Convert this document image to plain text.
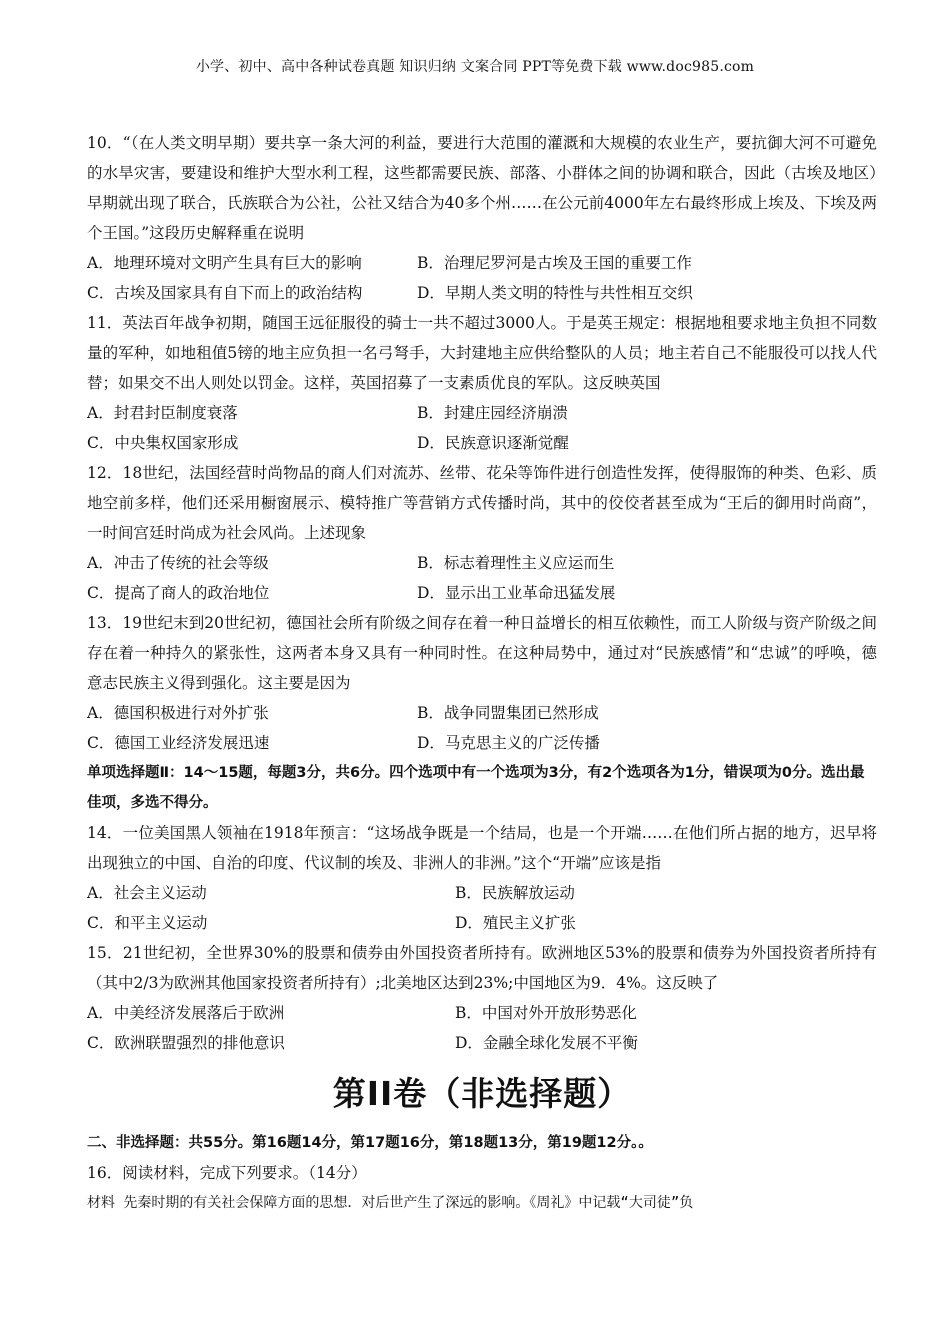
小学、初中、高中各种试卷真题 知识归纳 文案合同 PPT等免费下载 www.doc985.com

10．“（在人类文明早期）要共享一条大河的利益，要进行大范围的灌溉和大规模的农业生产，要抗御大河不可避免的水旱灾害，要建设和维护大型水利工程，这些都需要民族、部落、小群体之间的协调和联合，因此（古埃及地区）早期就出现了联合，氏族联合为公社，公社又结合为40多个州……在公元前4000年左右最终形成上埃及、下埃及两个王国。”这段历史解释重在说明

A．地理环境对文明产生具有巨大的影响	B．治理尼罗河是古埃及王国的重要工作
C．古埃及国家具有自下而上的政治结构	D．早期人类文明的特性与共性相互交织

11．英法百年战争初期，随国王远征服役的骑士一共不超过3000人。于是英王规定：根据地租要求地主负担不同数量的军种，如地租值5镑的地主应负担一名弓弩手，大封建地主应供给整队的人员；地主若自己不能服役可以找人代替；如果交不出人则处以罚金。这样，英国招募了一支素质优良的军队。这反映英国

A．封君封臣制度衰落	B．封建庄园经济崩溃
C．中央集权国家形成	D．民族意识逐渐觉醒

12．18世纪，法国经营时尚物品的商人们对流苏、丝带、花朵等饰件进行创造性发挥，使得服饰的种类、色彩、质地空前多样，他们还采用橱窗展示、模特推广等营销方式传播时尚，其中的佼佼者甚至成为“王后的御用时尚商”，一时间宫廷时尚成为社会风尚。上述现象

A．冲击了传统的社会等级	B．标志着理性主义应运而生
C．提高了商人的政治地位	D．显示出工业革命迅猛发展

13．19世纪末到20世纪初，德国社会所有阶级之间存在着一种日益增长的相互依赖性，而工人阶级与资产阶级之间存在着一种持久的紧张性，这两者本身又具有一种同时性。在这种局势中，通过对“民族感情”和“忠诚”的呼唤，德意志民族主义得到强化。这主要是因为

A．德国积极进行对外扩张	B．战争同盟集团已然形成
C．德国工业经济发展迅速	D．马克思主义的广泛传播

单项选择题Ⅱ：14～15题，每题3分，共6分。四个选项中有一个选项为3分，有2个选项各为1分，错误项为0分。选出最佳项，多选不得分。

14．一位美国黑人领袖在1918年预言：“这场战争既是一个结局，也是一个开端……在他们所占据的地方，迟早将出现独立的中国、自治的印度、代议制的埃及、非洲人的非洲。”这个“开端”应该是指

A．社会主义运动	B．民族解放运动
C．和平主义运动	D．殖民主义扩张

15．21世纪初，全世界30%的股票和债券由外国投资者所持有。欧洲地区53%的股票和债券为外国投资者所持有（其中2/3为欧洲其他国家投资者所持有）;北美地区达到23%;中国地区为9．4%。这反映了

A．中美经济发展落后于欧洲	B．中国对外开放形势恶化
C．欧洲联盟强烈的排他意识	D．金融全球化发展不平衡
第II卷（非选择题）

二、非选择题：共55分。第16题14分，第17题16分，第18题13分，第19题12分。。

16．阅读材料，完成下列要求。（14分）

材料 先秦时期的有关社会保障方面的思想．对后世产生了深远的影响。《周礼》中记载“大司徒”负
